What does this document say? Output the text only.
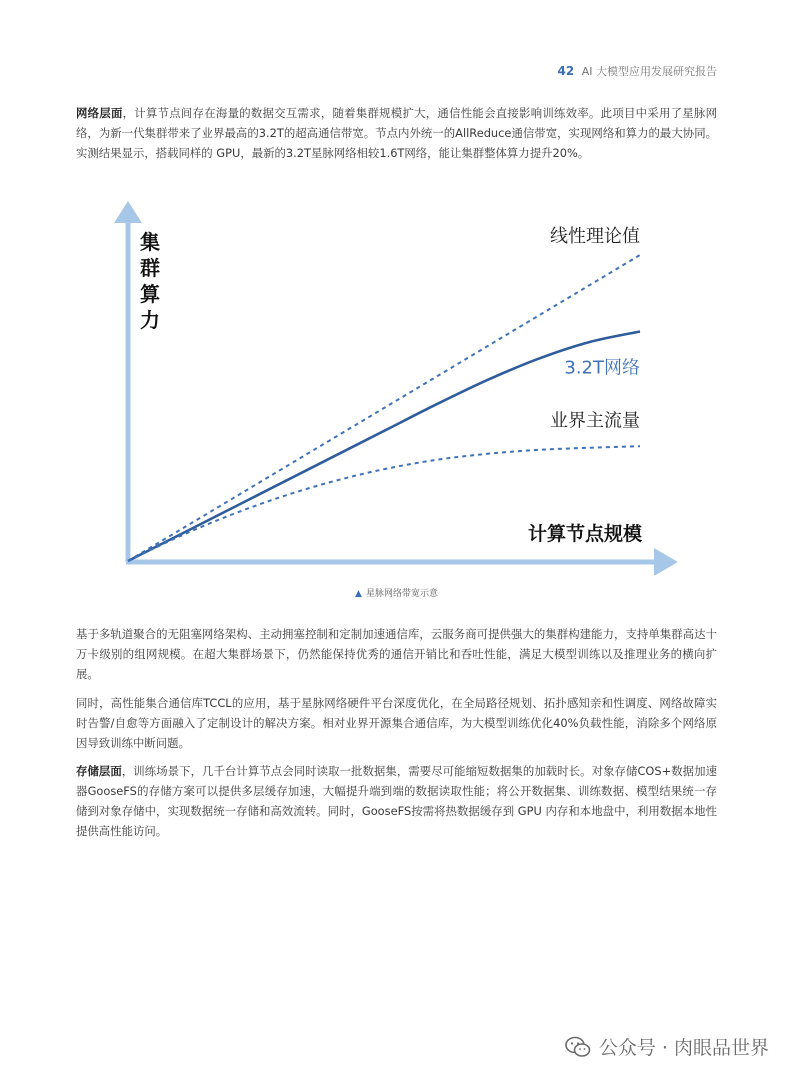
42 AI 大模型应用发展研究报告

网络层面，计算节点间存在海量的数据交互需求，随着集群规模扩大，通信性能会直接影响训练效率。此项目中采用了星脉网络，为新一代集群带来了业界最高的3.2T的超高通信带宽。节点内外统一的AllReduce通信带宽，实现网络和算力的最大协同。实测结果显示，搭载同样的 GPU，最新的3.2T星脉网络相较1.6T网络，能让集群整体算力提升20%。

集
群
算
力
计算节点规模
线性理论值
3.2T网络
业界主流量
▲ 星脉网络带宽示意

基于多轨道聚合的无阻塞网络架构、主动拥塞控制和定制加速通信库，云服务商可提供强大的集群构建能力，支持单集群高达十万卡级别的组网规模。在超大集群场景下，仍然能保持优秀的通信开销比和吞吐性能，满足大模型训练以及推理业务的横向扩展。

同时，高性能集合通信库TCCL的应用，基于星脉网络硬件平台深度优化，在全局路径规划、拓扑感知亲和性调度、网络故障实时告警/自愈等方面融入了定制设计的解决方案。相对业界开源集合通信库，为大模型训练优化40%负载性能，消除多个网络原因导致训练中断问题。

存储层面，训练场景下，几千台计算节点会同时读取一批数据集，需要尽可能缩短数据集的加载时长。对象存储COS+数据加速器GooseFS的存储方案可以提供多层缓存加速，大幅提升端到端的数据读取性能；将公开数据集、训练数据、模型结果统一存储到对象存储中，实现数据统一存储和高效流转。同时，GooseFS按需将热数据缓存到 GPU 内存和本地盘中，利用数据本地性提供高性能访问。

公众号 · 肉眼品世界
